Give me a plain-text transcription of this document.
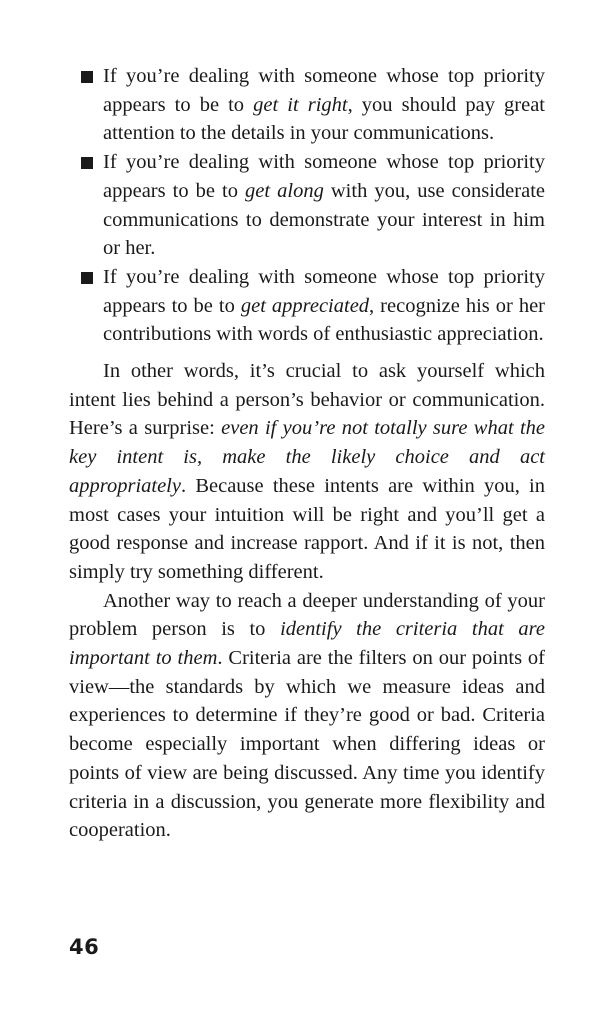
If you’re dealing with someone whose top priority appears to be to get it right, you should pay great attention to the details in your communications.
If you’re dealing with someone whose top priority appears to be to get along with you, use considerate communications to demonstrate your interest in him or her.
If you’re dealing with someone whose top priority appears to be to get appreciated, recognize his or her contributions with words of enthusiastic appreciation.

In other words, it’s crucial to ask yourself which intent lies behind a person’s behavior or communication. Here’s a surprise: even if you’re not totally sure what the key intent is, make the likely choice and act appropriately. Because these intents are within you, in most cases your intuition will be right and you’ll get a good response and increase rapport. And if it is not, then simply try something different.

Another way to reach a deeper understanding of your problem person is to identify the criteria that are important to them. Criteria are the filters on our points of view—the standards by which we measure ideas and experiences to determine if they’re good or bad. Criteria become especially important when differing ideas or points of view are being discussed. Any time you identify criteria in a discussion, you generate more flexibility and cooperation.

46
